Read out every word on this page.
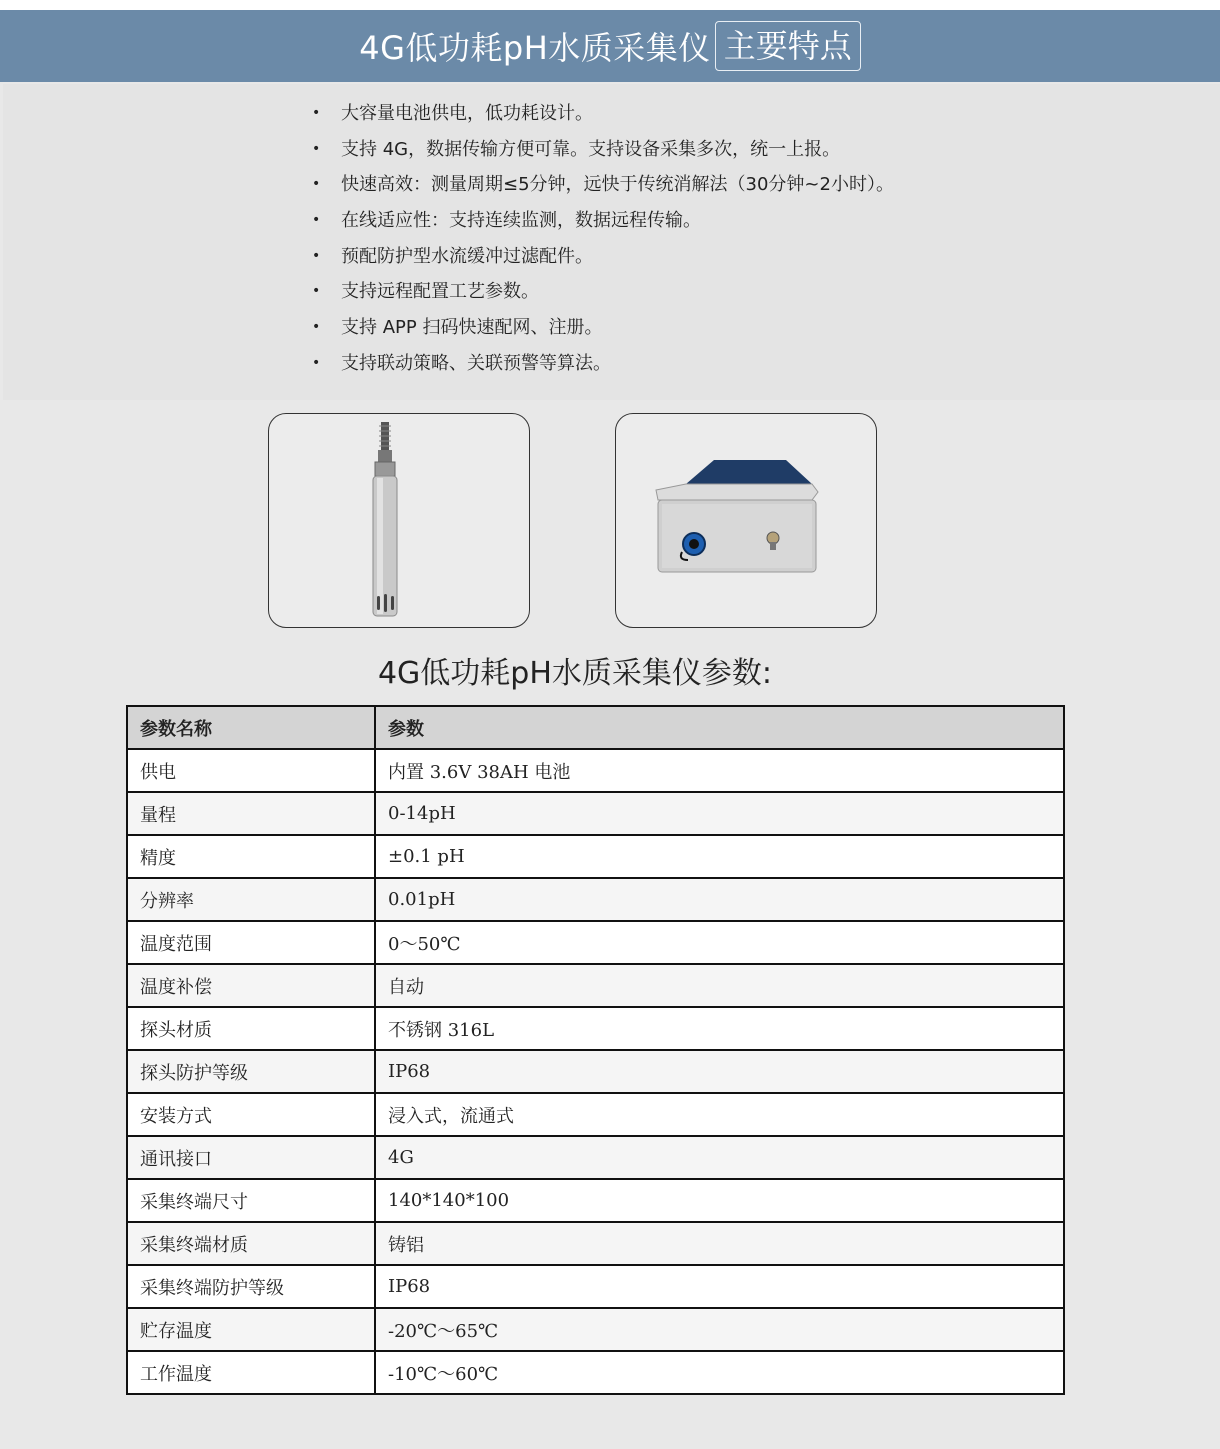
4G低功耗pH水质采集仪 主要特点
• 大容量电池供电，低功耗设计。
• 支持 4G，数据传输方便可靠。支持设备采集多次，统一上报。
• 快速高效：测量周期≤5分钟，远快于传统消解法（30分钟~2小时）。
• 在线适应性：支持连续监测，数据远程传输。
• 预配防护型水流缓冲过滤配件。
• 支持远程配置工艺参数。
• 支持 APP 扫码快速配网、注册。
• 支持联动策略、关联预警等算法。
4G低功耗pH水质采集仪参数:
参数名称	参数
供电	内置 3.6V 38AH 电池
量程	0-14pH
精度	±0.1 pH
分辨率	0.01pH
温度范围	0～50℃
温度补偿	自动
探头材质	不锈钢 316L
探头防护等级	IP68
安装方式	浸入式，流通式
通讯接口	4G
采集终端尺寸	140*140*100
采集终端材质	铸铝
采集终端防护等级	IP68
贮存温度	-20℃～65℃
工作温度	-10℃～60℃
